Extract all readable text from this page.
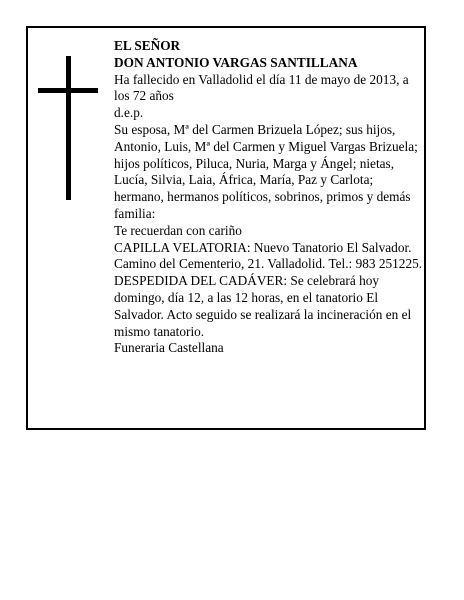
EL SEÑOR

DON ANTONIO VARGAS SANTILLANA

Ha fallecido en Valladolid el día 11 de mayo de 2013, a los 72 años

d.e.p.

Su esposa, Mª del Carmen Brizuela López; sus hijos, Antonio, Luis, Mª del Carmen y Miguel Vargas Brizuela; hijos políticos, Piluca, Nuria, Marga y Ángel; nietas, Lucía, Silvia, Laia, África, María, Paz y Carlota; hermano, hermanos políticos, sobrinos, primos y demás familia:

Te recuerdan con cariño

CAPILLA VELATORIA: Nuevo Tanatorio El Salvador. Camino del Cementerio, 21. Valladolid. Tel.: 983 251225.

DESPEDIDA DEL CADÁVER: Se celebrará hoy domingo, día 12, a las 12 horas, en el tanatorio El Salvador. Acto seguido se realizará la incineración en el mismo tanatorio.

Funeraria Castellana
